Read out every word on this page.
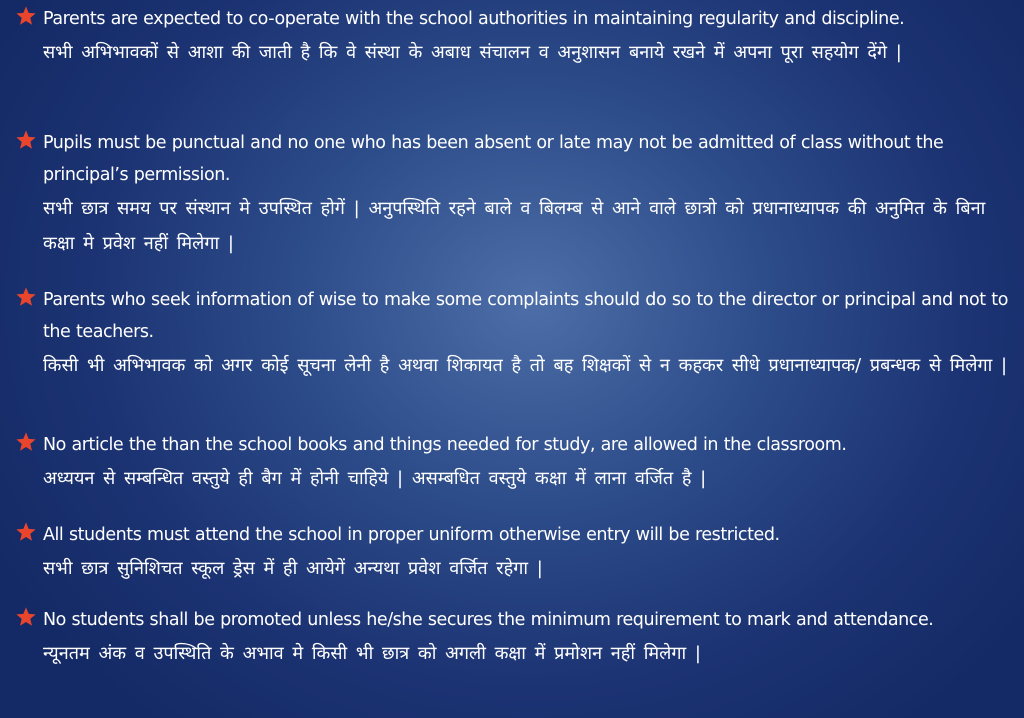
Parents are expected to co-operate with the school authorities in maintaining regularity and discipline.
सभी अभिभावकों से आशा की जाती है कि वे संस्था के अबाध संचालन व अनुशासन बनाये रखने में अपना पूरा सहयोग देंगे |
Pupils must be punctual and no one who has been absent or late may not be admitted of class without the principal’s permission.
सभी छात्र समय पर संस्थान मे उपस्थित होगें | अनुपस्थिति रहने बाले व बिलम्ब से आने वाले छात्रो को प्रधानाध्यापक की अनुमित के बिना कक्षा मे प्रवेश नहीं मिलेगा |
Parents who seek information of wise to make some complaints should do so to the director or principal and not to the teachers.
किसी भी अभिभावक को अगर कोई सूचना लेनी है अथवा शिकायत है तो बह शिक्षकों से न कहकर सीधे प्रधानाध्यापक/ प्रबन्धक से मिलेगा |
No article the than the school books and things needed for study, are allowed in the classroom.
अध्ययन से सम्बन्धित वस्तुये ही बैग में होनी चाहिये | असम्बधित वस्तुये कक्षा में लाना वर्जित है |
All students must attend the school in proper uniform otherwise entry will be restricted.
सभी छात्र सुनिशिचत स्कूल ड्रेस में ही आयेगें अन्यथा प्रवेश वर्जित रहेगा |
No students shall be promoted unless he/she secures the minimum requirement to mark and attendance.
न्यूनतम अंक व उपस्थिति के अभाव मे किसी भी छात्र को अगली कक्षा में प्रमोशन नहीं मिलेगा |
